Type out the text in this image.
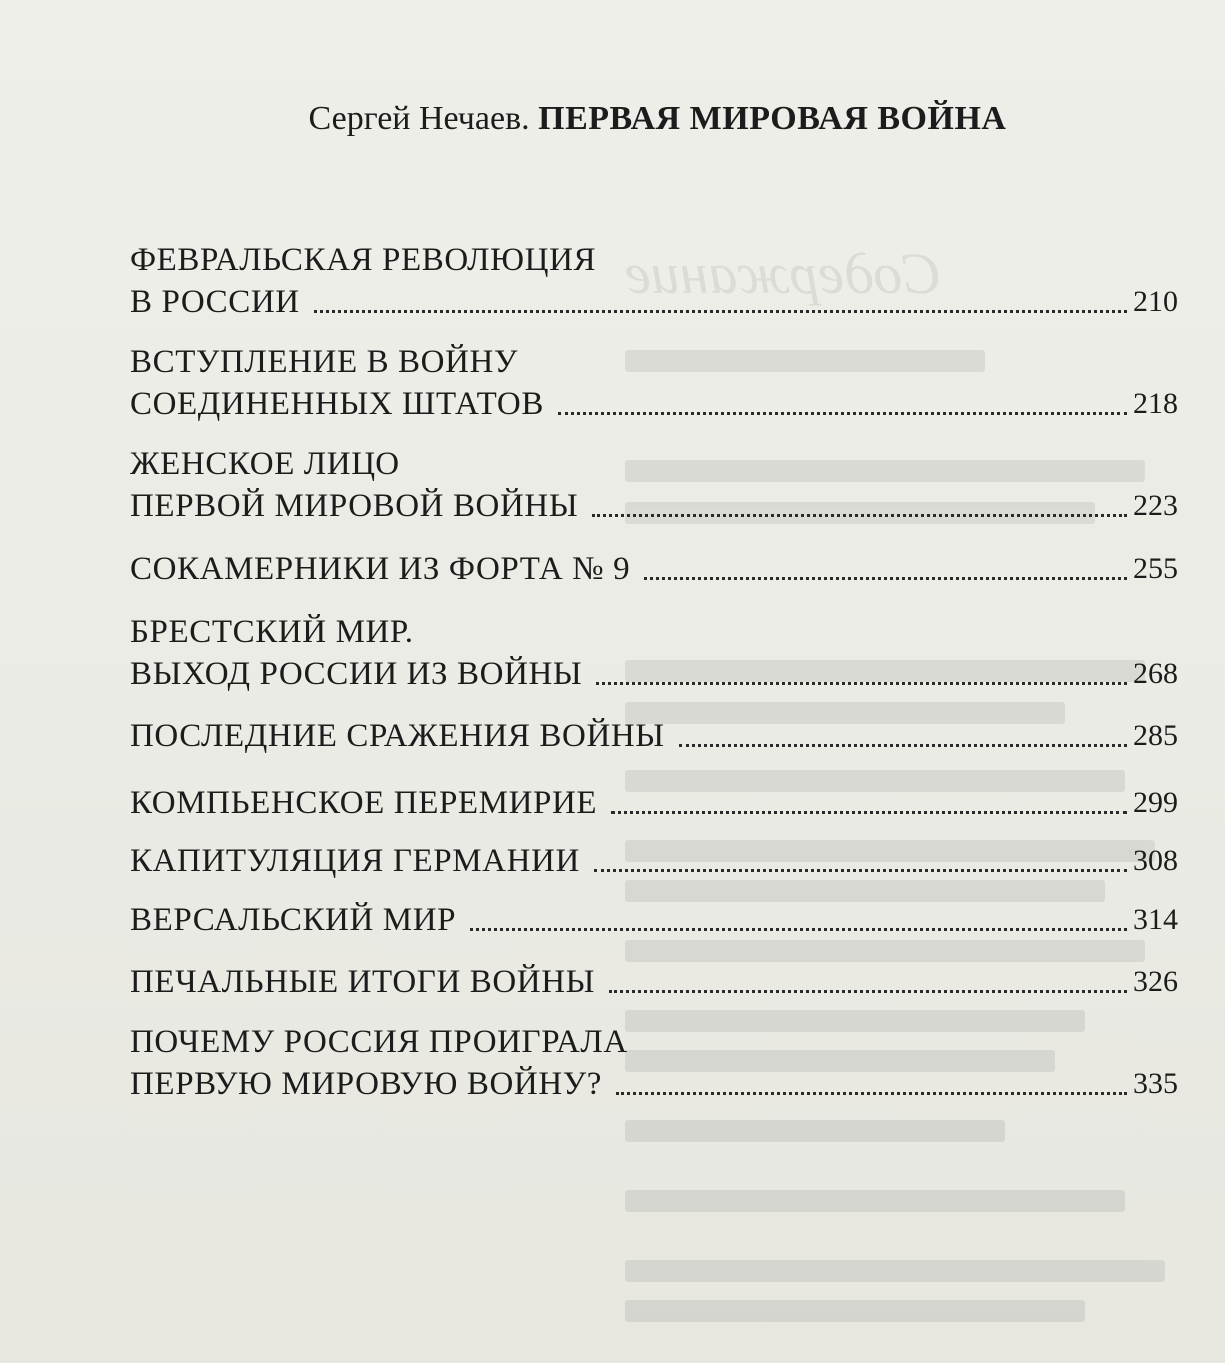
Содержание
Сергей Нечаев. ПЕРВАЯ МИРОВАЯ ВОЙНА
ФЕВРАЛЬСКАЯ РЕВОЛЮЦИЯ
В РОССИИ	210
ВСТУПЛЕНИЕ В ВОЙНУ
СОЕДИНЕННЫХ ШТАТОВ	218
ЖЕНСКОЕ ЛИЦО
ПЕРВОЙ МИРОВОЙ ВОЙНЫ	223
СОКАМЕРНИКИ ИЗ ФОРТА № 9	255
БРЕСТСКИЙ МИР.
ВЫХОД РОССИИ ИЗ ВОЙНЫ	268
ПОСЛЕДНИЕ СРАЖЕНИЯ ВОЙНЫ	285
КОМПЬЕНСКОЕ ПЕРЕМИРИЕ	299
КАПИТУЛЯЦИЯ ГЕРМАНИИ	308
ВЕРСАЛЬСКИЙ МИР	314
ПЕЧАЛЬНЫЕ ИТОГИ ВОЙНЫ	326
ПОЧЕМУ РОССИЯ ПРОИГРАЛА
ПЕРВУЮ МИРОВУЮ ВОЙНУ?	335
